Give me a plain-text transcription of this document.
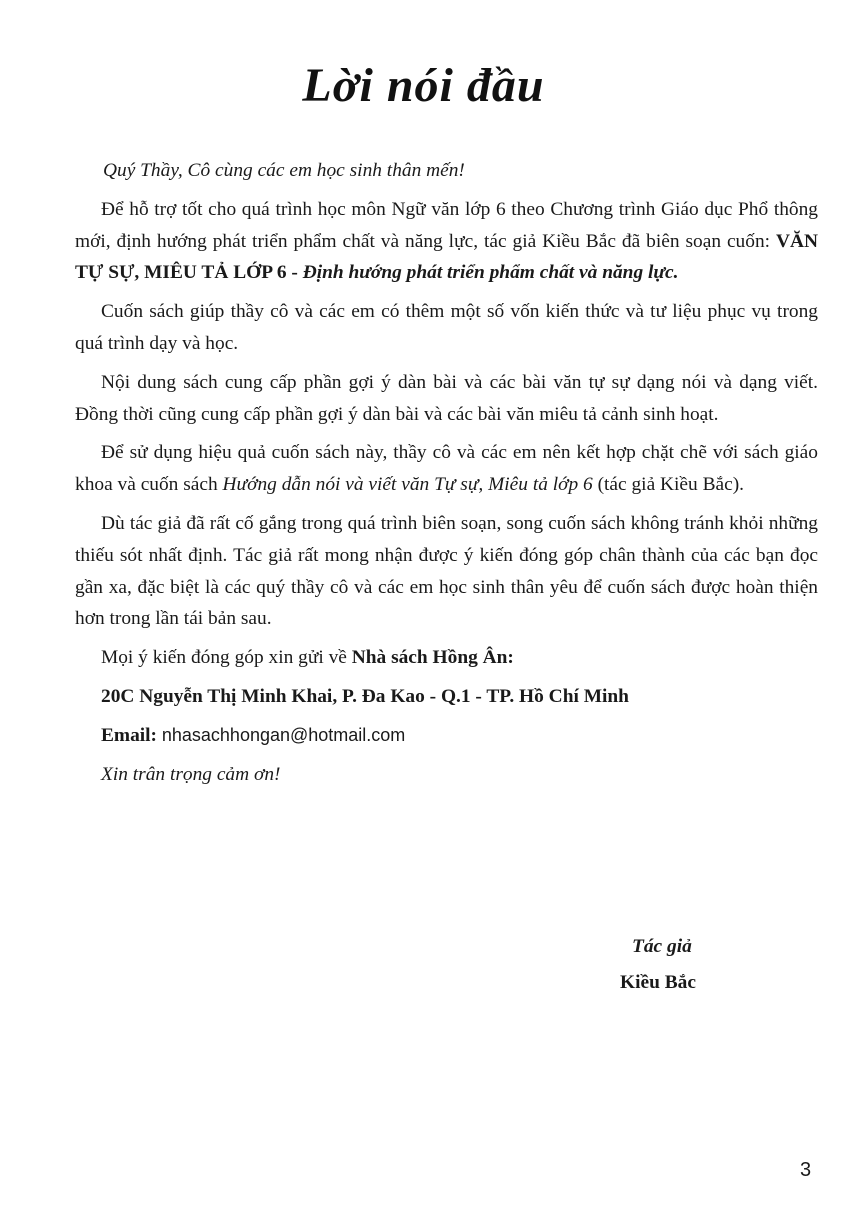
Lời nói đầu

Quý Thầy, Cô cùng các em học sinh thân mến!

Để hỗ trợ tốt cho quá trình học môn Ngữ văn lớp 6 theo Chương trình Giáo dục Phổ thông mới, định hướng phát triển phẩm chất và năng lực, tác giả Kiều Bắc đã biên soạn cuốn: VĂN TỰ SỰ, MIÊU TẢ LỚP 6 - Định hướng phát triển phẩm chất và năng lực.

Cuốn sách giúp thầy cô và các em có thêm một số vốn kiến thức và tư liệu phục vụ trong quá trình dạy và học.

Nội dung sách cung cấp phần gợi ý dàn bài và các bài văn tự sự dạng nói và dạng viết. Đồng thời cũng cung cấp phần gợi ý dàn bài và các bài văn miêu tả cảnh sinh hoạt.

Để sử dụng hiệu quả cuốn sách này, thầy cô và các em nên kết hợp chặt chẽ với sách giáo khoa và cuốn sách Hướng dẫn nói và viết văn Tự sự, Miêu tả lớp 6 (tác giả Kiều Bắc).

Dù tác giả đã rất cố gắng trong quá trình biên soạn, song cuốn sách không tránh khỏi những thiếu sót nhất định. Tác giả rất mong nhận được ý kiến đóng góp chân thành của các bạn đọc gần xa, đặc biệt là các quý thầy cô và các em học sinh thân yêu để cuốn sách được hoàn thiện hơn trong lần tái bản sau.

Mọi ý kiến đóng góp xin gửi về Nhà sách Hồng Ân:

20C Nguyễn Thị Minh Khai, P. Đa Kao - Q.1 - TP. Hồ Chí Minh

Email: nhasachhongan@hotmail.com

Xin trân trọng cảm ơn!

Tác giả
Kiều Bắc
3
